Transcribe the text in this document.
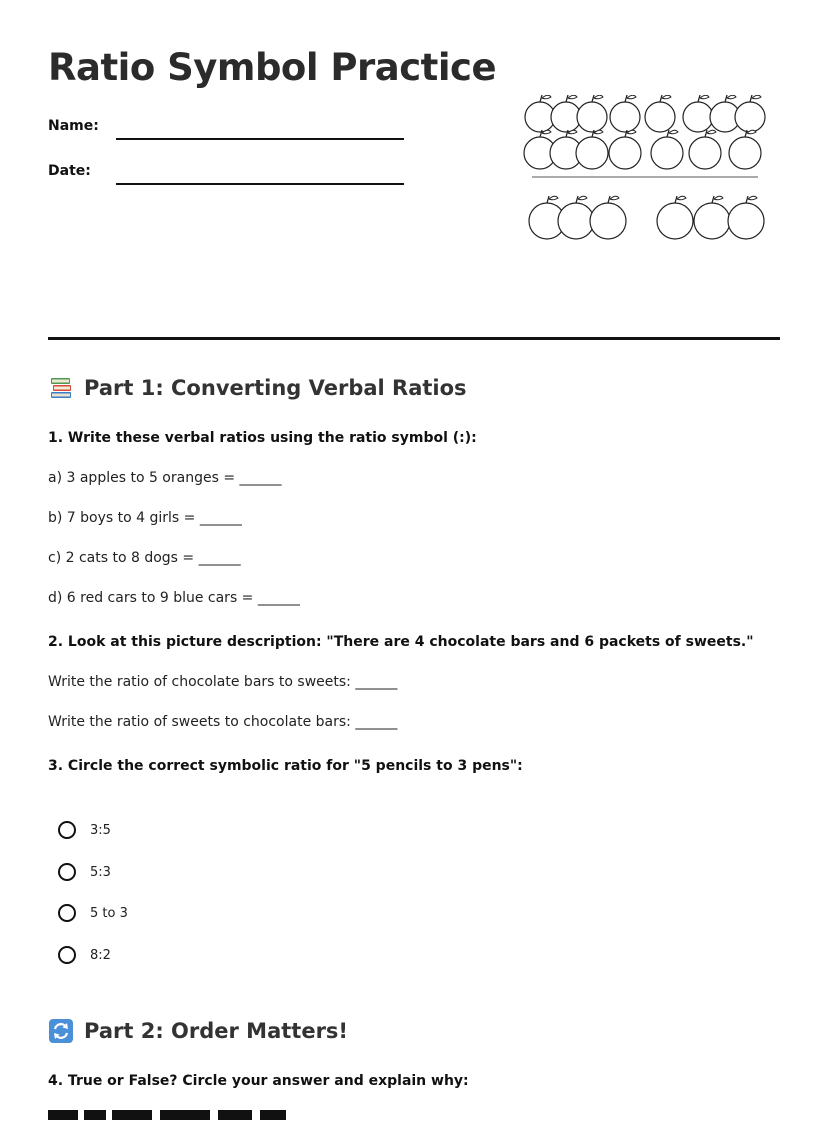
Ratio Symbol Practice
Name:
Date:
Part 1: Converting Verbal Ratios

1. Write these verbal ratios using the ratio symbol (:):

a) 3 apples to 5 oranges = ______

b) 7 boys to 4 girls = ______

c) 2 cats to 8 dogs = ______

d) 6 red cars to 9 blue cars = ______

2. Look at this picture description: "There are 4 chocolate bars and 6 packets of sweets."

Write the ratio of chocolate bars to sweets: ______

Write the ratio of sweets to chocolate bars: ______

3. Circle the correct symbolic ratio for "5 pencils to 3 pens":

3:5
5:3
5 to 3
8:2
Part 2: Order Matters!

4. True or False? Circle your answer and explain why:
